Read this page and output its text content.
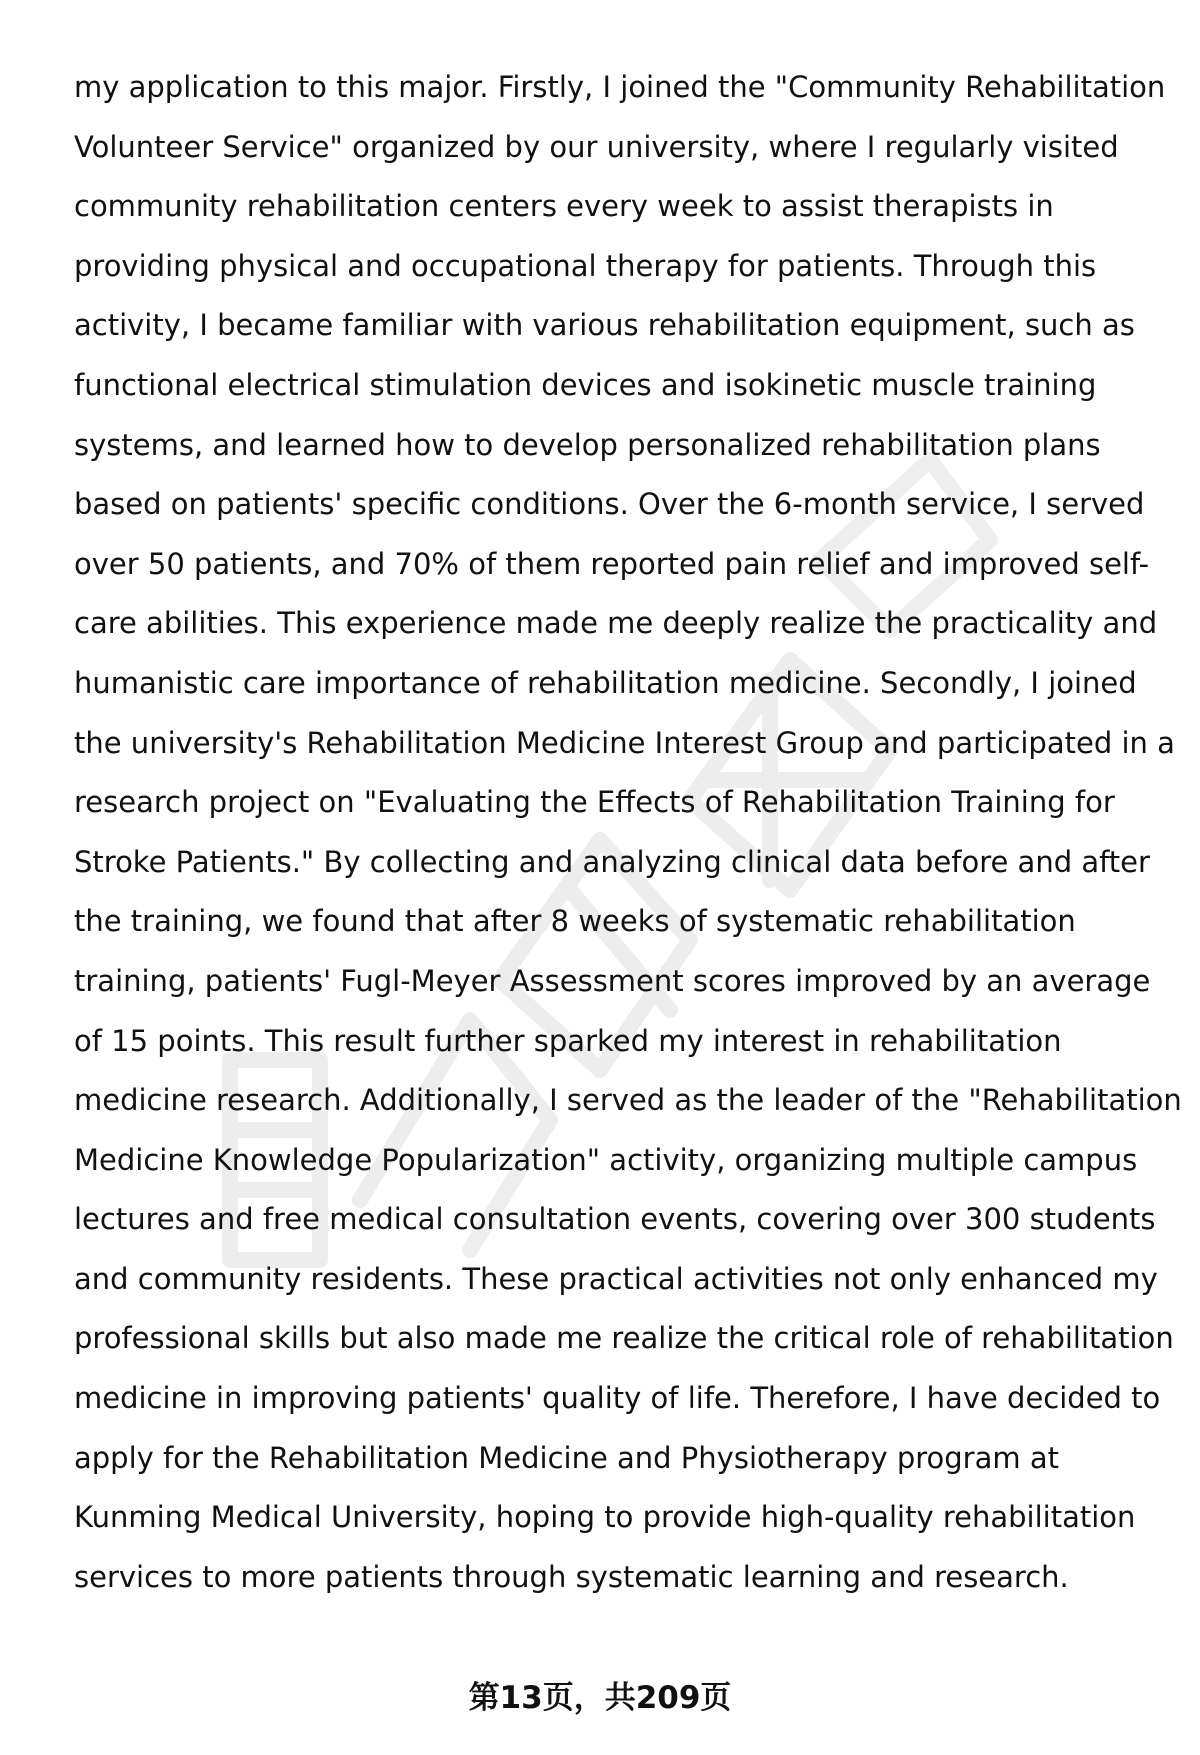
my application to this major. Firstly, I joined the "Community Rehabilitation
Volunteer Service" organized by our university, where I regularly visited
community rehabilitation centers every week to assist therapists in
providing physical and occupational therapy for patients. Through this
activity, I became familiar with various rehabilitation equipment, such as
functional electrical stimulation devices and isokinetic muscle training
systems, and learned how to develop personalized rehabilitation plans
based on patients' specific conditions. Over the 6-month service, I served
over 50 patients, and 70% of them reported pain relief and improved self-
care abilities. This experience made me deeply realize the practicality and
humanistic care importance of rehabilitation medicine. Secondly, I joined
the university's Rehabilitation Medicine Interest Group and participated in a
research project on "Evaluating the Effects of Rehabilitation Training for
Stroke Patients." By collecting and analyzing clinical data before and after
the training, we found that after 8 weeks of systematic rehabilitation
training, patients' Fugl-Meyer Assessment scores improved by an average
of 15 points. This result further sparked my interest in rehabilitation
medicine research. Additionally, I served as the leader of the "Rehabilitation
Medicine Knowledge Popularization" activity, organizing multiple campus
lectures and free medical consultation events, covering over 300 students
and community residents. These practical activities not only enhanced my
professional skills but also made me realize the critical role of rehabilitation
medicine in improving patients' quality of life. Therefore, I have decided to
apply for the Rehabilitation Medicine and Physiotherapy program at
Kunming Medical University, hoping to provide high-quality rehabilitation
services to more patients through systematic learning and research.
第13页，共209页
